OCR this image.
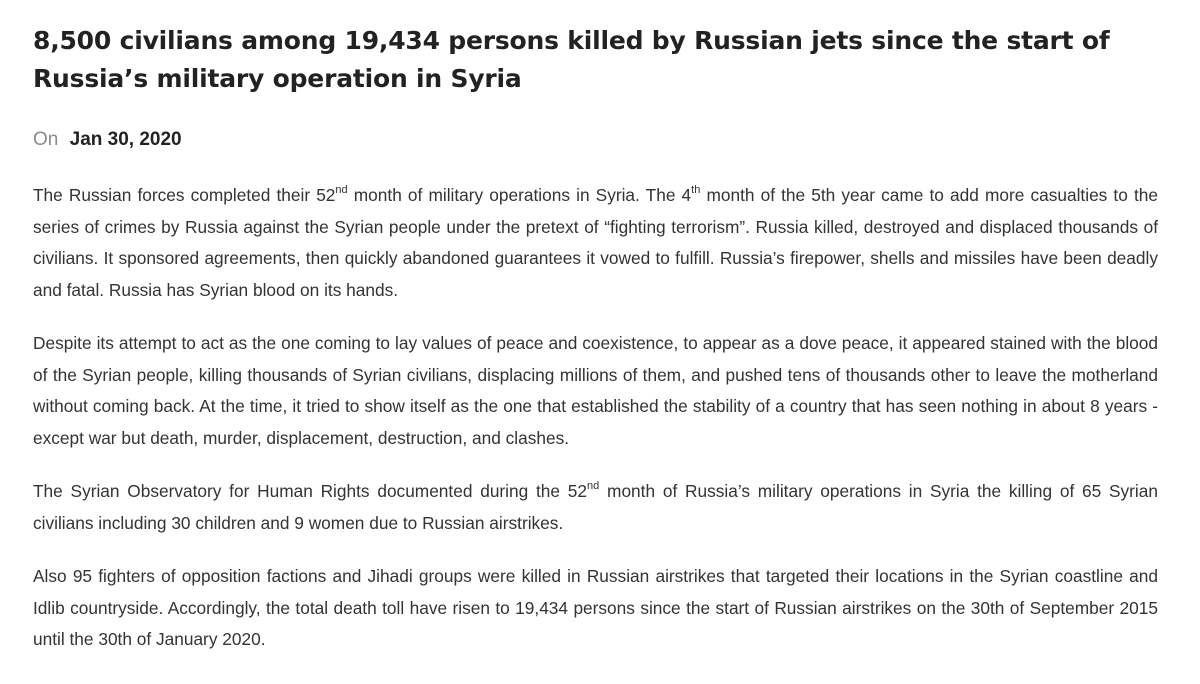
8,500 civilians among 19,434 persons killed by Russian jets since the start of Russia’s military operation in Syria
On Jan 30, 2020

The Russian forces completed their 52nd month of military operations in Syria. The 4th month of the 5th year came to add more casualties to the series of crimes by Russia against the Syrian people under the pretext of “fighting terrorism”. Russia killed, destroyed and displaced thousands of civilians. It sponsored agreements, then quickly abandoned guarantees it vowed to fulfill. Russia’s firepower, shells and missiles have been deadly and fatal. Russia has Syrian blood on its hands.

Despite its attempt to act as the one coming to lay values of peace and coexistence, to appear as a dove peace, it appeared stained with the blood of the Syrian people, killing thousands of Syrian civilians, displacing millions of them, and pushed tens of thousands other to leave the motherland without coming back. At the time, it tried to show itself as the one that established the stability of a country that has seen nothing in about 8 years -except war but death, murder, displacement, destruction, and clashes.

The Syrian Observatory for Human Rights documented during the 52nd month of Russia’s military operations in Syria the killing of 65 Syrian civilians including 30 children and 9 women due to Russian airstrikes.

Also 95 fighters of opposition factions and Jihadi groups were killed in Russian airstrikes that targeted their locations in the Syrian coastline and Idlib countryside. Accordingly, the total death toll have risen to 19,434 persons since the start of Russian airstrikes on the 30th of September 2015 until the 30th of January 2020.
